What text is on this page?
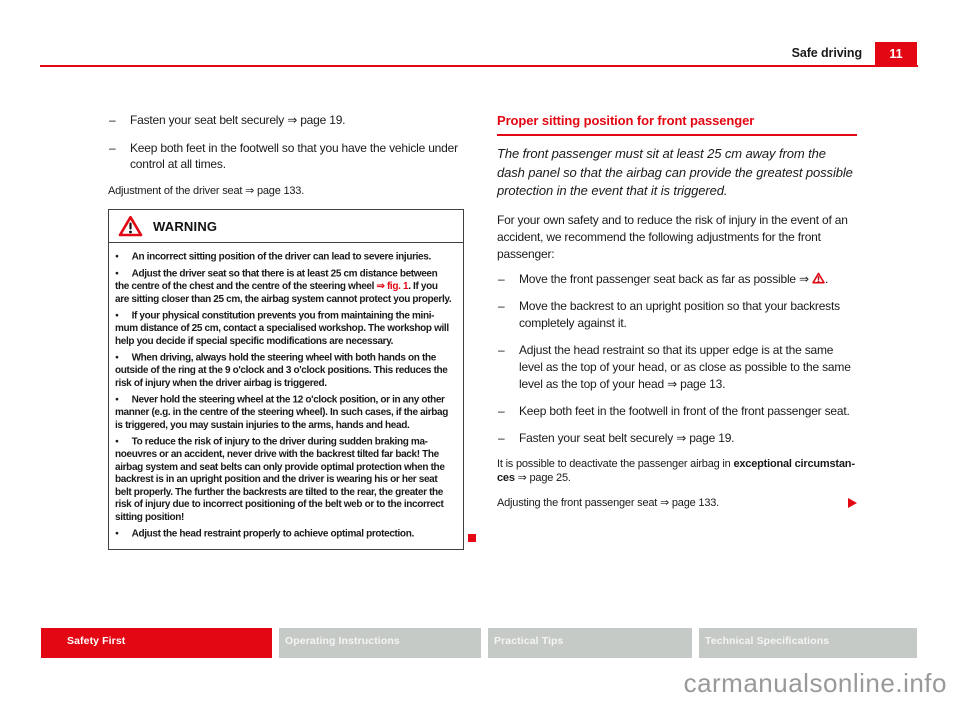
Safe driving	11
– Fasten your seat belt securely ⇒ page 19.
– Keep both feet in the footwell so that you have the vehicle under control at all times.

Adjustment of the driver seat ⇒ page 133.

WARNING

● An incorrect sitting position of the driver can lead to severe injuries.

● Adjust the driver seat so that there is at least 25 cm distance between the centre of the chest and the centre of the steering wheel ⇒ fig. 1. If you are sitting closer than 25 cm, the airbag system cannot protect you properly.

● If your physical constitution prevents you from maintaining the minimum distance of 25 cm, contact a specialised workshop. The workshop will help you decide if special specific modifications are necessary.

● When driving, always hold the steering wheel with both hands on the outside of the ring at the 9 o'clock and 3 o'clock positions. This reduces the risk of injury when the driver airbag is triggered.

● Never hold the steering wheel at the 12 o'clock position, or in any other manner (e.g. in the centre of the steering wheel). In such cases, if the airbag is triggered, you may sustain injuries to the arms, hands and head.

● To reduce the risk of injury to the driver during sudden braking manoeuvres or an accident, never drive with the backrest tilted far back! The airbag system and seat belts can only provide optimal protection when the backrest is in an upright position and the driver is wearing his or her seat belt properly. The further the backrests are tilted to the rear, the greater the risk of injury due to incorrect positioning of the belt web or to the incorrect sitting position!

● Adjust the head restraint properly to achieve optimal protection.

Proper sitting position for front passenger

The front passenger must sit at least 25 cm away from the dash panel so that the airbag can provide the greatest possible protection in the event that it is triggered.

For your own safety and to reduce the risk of injury in the event of an accident, we recommend the following adjustments for the front passenger:

– Move the front passenger seat back as far as possible ⇒ .
– Move the backrest to an upright position so that your backrests completely against it.
– Adjust the head restraint so that its upper edge is at the same level as the top of your head, or as close as possible to the same level as the top of your head ⇒ page 13.
– Keep both feet in the footwell in front of the front passenger seat.
– Fasten your seat belt securely ⇒ page 19.

It is possible to deactivate the passenger airbag in exceptional circumstances ⇒ page 25.

Adjusting the front passenger seat ⇒ page 133.
Safety First	Operating Instructions	Practical Tips	Technical Specifications
carmanualsonline.info
